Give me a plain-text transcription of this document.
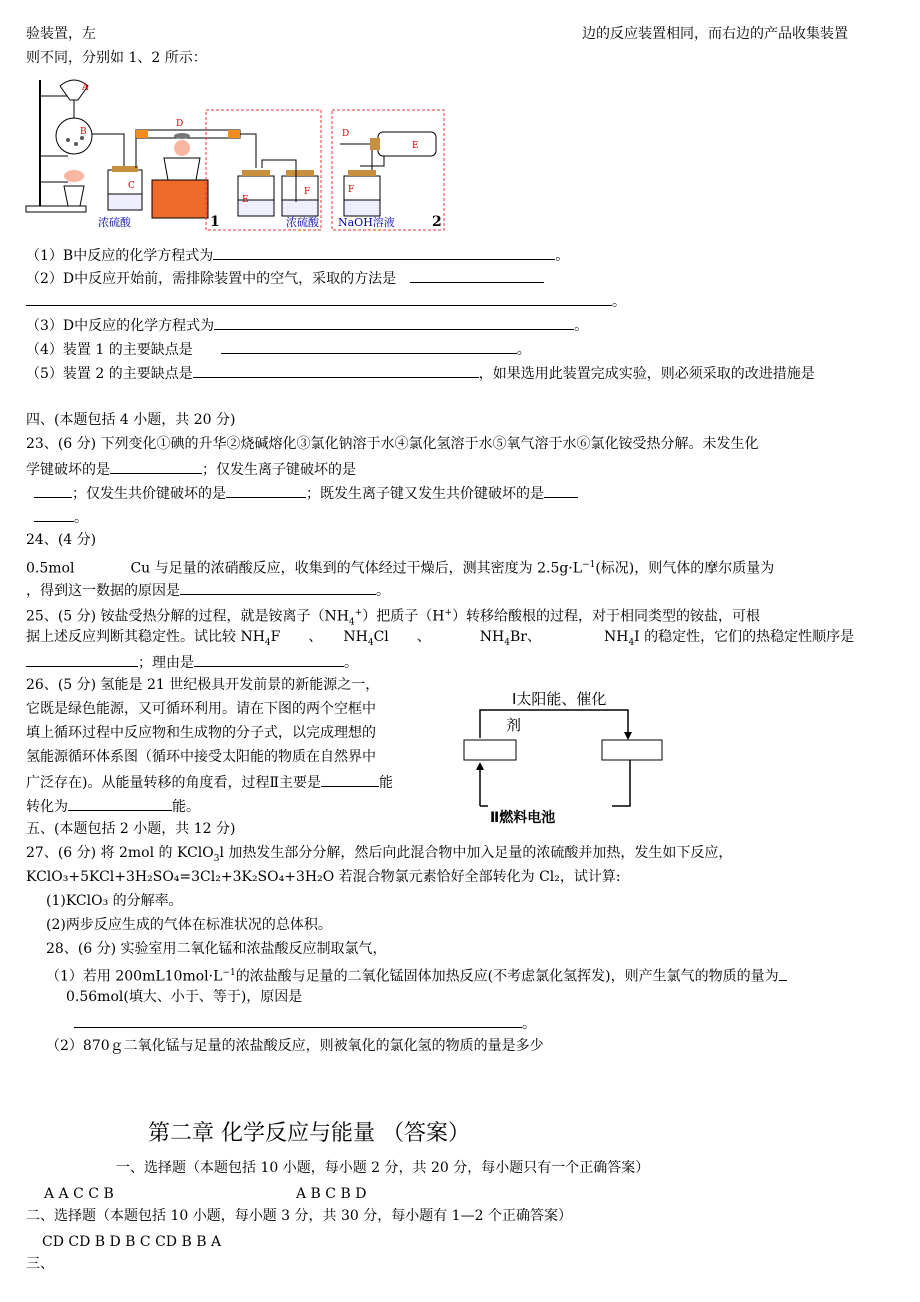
验装置，左	边的反应装置相同，而右边的产品收集装置
则不同，分别如 1、2 所示：
A
B
C
浓硫酸
D
E
F
1	浓硫酸
D
E
F
NaOH溶液	2
（1）B中反应的化学方程式为	。
（2）D中反应开始前，需排除装置中的空气，采取的方法是　
。
（3）D中反应的化学方程式为	。
（4）装置 1 的主要缺点是　　	。
（5）装置 2 的主要缺点是	，如果选用此装置完成实验，则必须采取的改进措施是
四、(本题包括 4 小题，共 20 分)
23、(6 分) 下列变化①碘的升华②烧碱熔化③氯化钠溶于水④氯化氢溶于水⑤氧气溶于水⑥氯化铵受热分解。未发生化
学键破坏的是	；仅发生离子键破坏的是
；仅发生共价键破坏的是	；既发生离子键又发生共价键破坏的是
。
24、(4 分)
0.5mol　　　　	Cu 与足量的浓硝酸反应，收集到的气体经过干燥后，测其密度为 $2.5g\cdot L^{-1}$(标况)，则气体的摩尔质量为
，得到这一数据的原因是	。
25、(5 分) 铵盐受热分解的过程，就是铵离子$(NH_4^+)$把质子（H+）转移给酸根的过程，对于相同类型的铵盐，可根
据上述反应判断其稳定性。试比较 $NH_4F$　　 、　　 $NH_4Cl$　　 、　　　　	$NH_4Br$、　　　　　	$NH_4I$ 的稳定性，它们的热稳定性顺序是
；理由是	。
26、(5 分) 氢能是 21 世纪极具开发前景的新能源之一，
它既是绿色能源，又可循环利用。请在下图的两个空框中
填上循环过程中反应物和生成物的分子式，以完成理想的
氢能源循环体系图（循环中接受太阳能的物质在自然界中
广泛存在)。从能量转移的角度看，过程Ⅱ主要是	能
转化为	能。
Ⅰ太阳能、催化
剂
Ⅱ燃料电池
五、(本题包括 2 小题，共 12 分)
27、(6 分) 将 2mol 的 KClO$_3$l 加热发生部分分解，然后向此混合物中加入足量的浓硫酸并加热，发生如下反应，
KClO₃+5KCl+3H₂SO₄=3Cl₂+3K₂SO₄+3H₂O 若混合物氯元素恰好全部转化为 Cl₂，试计算:
(1)KClO₃ 的分解率。
(2)两步反应生成的气体在标准状况的总体积。
28、(6 分) 实验室用二氧化锰和浓盐酸反应制取氯气，
（1）若用 $200mL10mol\cdot L^{-1}$的浓盐酸与足量的二氧化锰固体加热反应(不考虑氯化氢挥发)，则产生氯气的物质的量为
0.56mol(填大、小于、等于)，原因是
。
（2）870ｇ二氧化锰与足量的浓盐酸反应，则被氧化的氯化氢的物质的量是多少
第二章 化学反应与能量 （答案）
一、选择题（本题包括 10 小题，每小题 2 分，共 20 分，每小题只有一个正确答案）
A A C C B	A B C B D
二、选择题（本题包括 10 小题，每小题 3 分，共 30 分，每小题有 1—2 个正确答案）
CD CD B D B C CD B B A
三、
